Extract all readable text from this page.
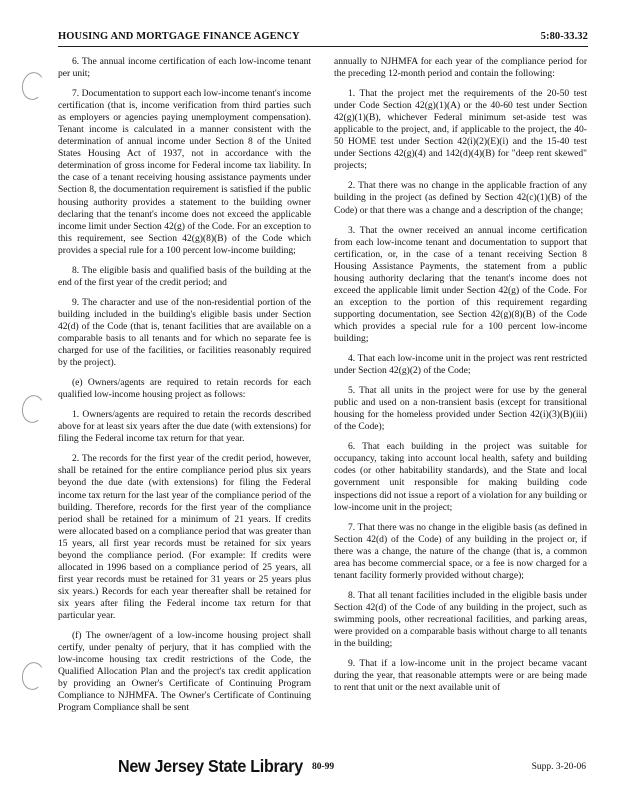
HOUSING AND MORTGAGE FINANCE AGENCY	5:80-33.32

6. The annual income certification of each low-income tenant per unit;

7. Documentation to support each low-income tenant's income certification (that is, income verification from third parties such as employers or agencies paying unemployment compensation). Tenant income is calculated in a manner consistent with the determination of annual income under Section 8 of the United States Housing Act of 1937, not in accordance with the determination of gross income for Federal income tax liability. In the case of a tenant receiving housing assistance payments under Section 8, the documentation requirement is satisfied if the public housing authority provides a statement to the building owner declaring that the tenant's income does not exceed the applicable income limit under Section 42(g) of the Code. For an exception to this requirement, see Section 42(g)(8)(B) of the Code which provides a special rule for a 100 percent low-income building;

8. The eligible basis and qualified basis of the building at the end of the first year of the credit period; and

9. The character and use of the non-residential portion of the building included in the building's eligible basis under Section 42(d) of the Code (that is, tenant facilities that are available on a comparable basis to all tenants and for which no separate fee is charged for use of the facilities, or facilities reasonably required by the project).

(e) Owners/agents are required to retain records for each qualified low-income housing project as follows:

1. Owners/agents are required to retain the records described above for at least six years after the due date (with extensions) for filing the Federal income tax return for that year.

2. The records for the first year of the credit period, however, shall be retained for the entire compliance period plus six years beyond the due date (with extensions) for filing the Federal income tax return for the last year of the compliance period of the building. Therefore, records for the first year of the compliance period shall be retained for a minimum of 21 years. If credits were allocated based on a compliance period that was greater than 15 years, all first year records must be retained for six years beyond the compliance period. (For example: If credits were allocated in 1996 based on a compliance period of 25 years, all first year records must be retained for 31 years or 25 years plus six years.) Records for each year thereafter shall be retained for six years after filing the Federal income tax return for that particular year.

(f) The owner/agent of a low-income housing project shall certify, under penalty of perjury, that it has complied with the low-income housing tax credit restrictions of the Code, the Qualified Allocation Plan and the project's tax credit application by providing an Owner's Certificate of Continuing Program Compliance to NJHMFA. The Owner's Certificate of Continuing Program Compliance shall be sent

annually to NJHMFA for each year of the compliance period for the preceding 12-month period and contain the following:

1. That the project met the requirements of the 20-50 test under Code Section 42(g)(1)(A) or the 40-60 test under Section 42(g)(1)(B), whichever Federal minimum set-aside test was applicable to the project, and, if applicable to the project, the 40-50 HOME test under Section 42(i)(2)(E)(i) and the 15-40 test under Sections 42(g)(4) and 142(d)(4)(B) for "deep rent skewed" projects;

2. That there was no change in the applicable fraction of any building in the project (as defined by Section 42(c)(1)(B) of the Code) or that there was a change and a description of the change;

3. That the owner received an annual income certification from each low-income tenant and documentation to support that certification, or, in the case of a tenant receiving Section 8 Housing Assistance Payments, the statement from a public housing authority declaring that the tenant's income does not exceed the applicable limit under Section 42(g) of the Code. For an exception to the portion of this requirement regarding supporting documentation, see Section 42(g)(8)(B) of the Code which provides a special rule for a 100 percent low-income building;

4. That each low-income unit in the project was rent restricted under Section 42(g)(2) of the Code;

5. That all units in the project were for use by the general public and used on a non-transient basis (except for transitional housing for the homeless provided under Section 42(i)(3)(B)(iii) of the Code);

6. That each building in the project was suitable for occupancy, taking into account local health, safety and building codes (or other habitability standards), and the State and local government unit responsible for making building code inspections did not issue a report of a violation for any building or low-income unit in the project;

7. That there was no change in the eligible basis (as defined in Section 42(d) of the Code) of any building in the project or, if there was a change, the nature of the change (that is, a common area has become commercial space, or a fee is now charged for a tenant facility formerly provided without charge);

8. That all tenant facilities included in the eligible basis under Section 42(d) of the Code of any building in the project, such as swimming pools, other recreational facilities, and parking areas, were provided on a comparable basis without charge to all tenants in the building;

9. That if a low-income unit in the project became vacant during the year, that reasonable attempts were or are being made to rent that unit or the next available unit of

New Jersey State Library 80-99	Supp. 3-20-06
